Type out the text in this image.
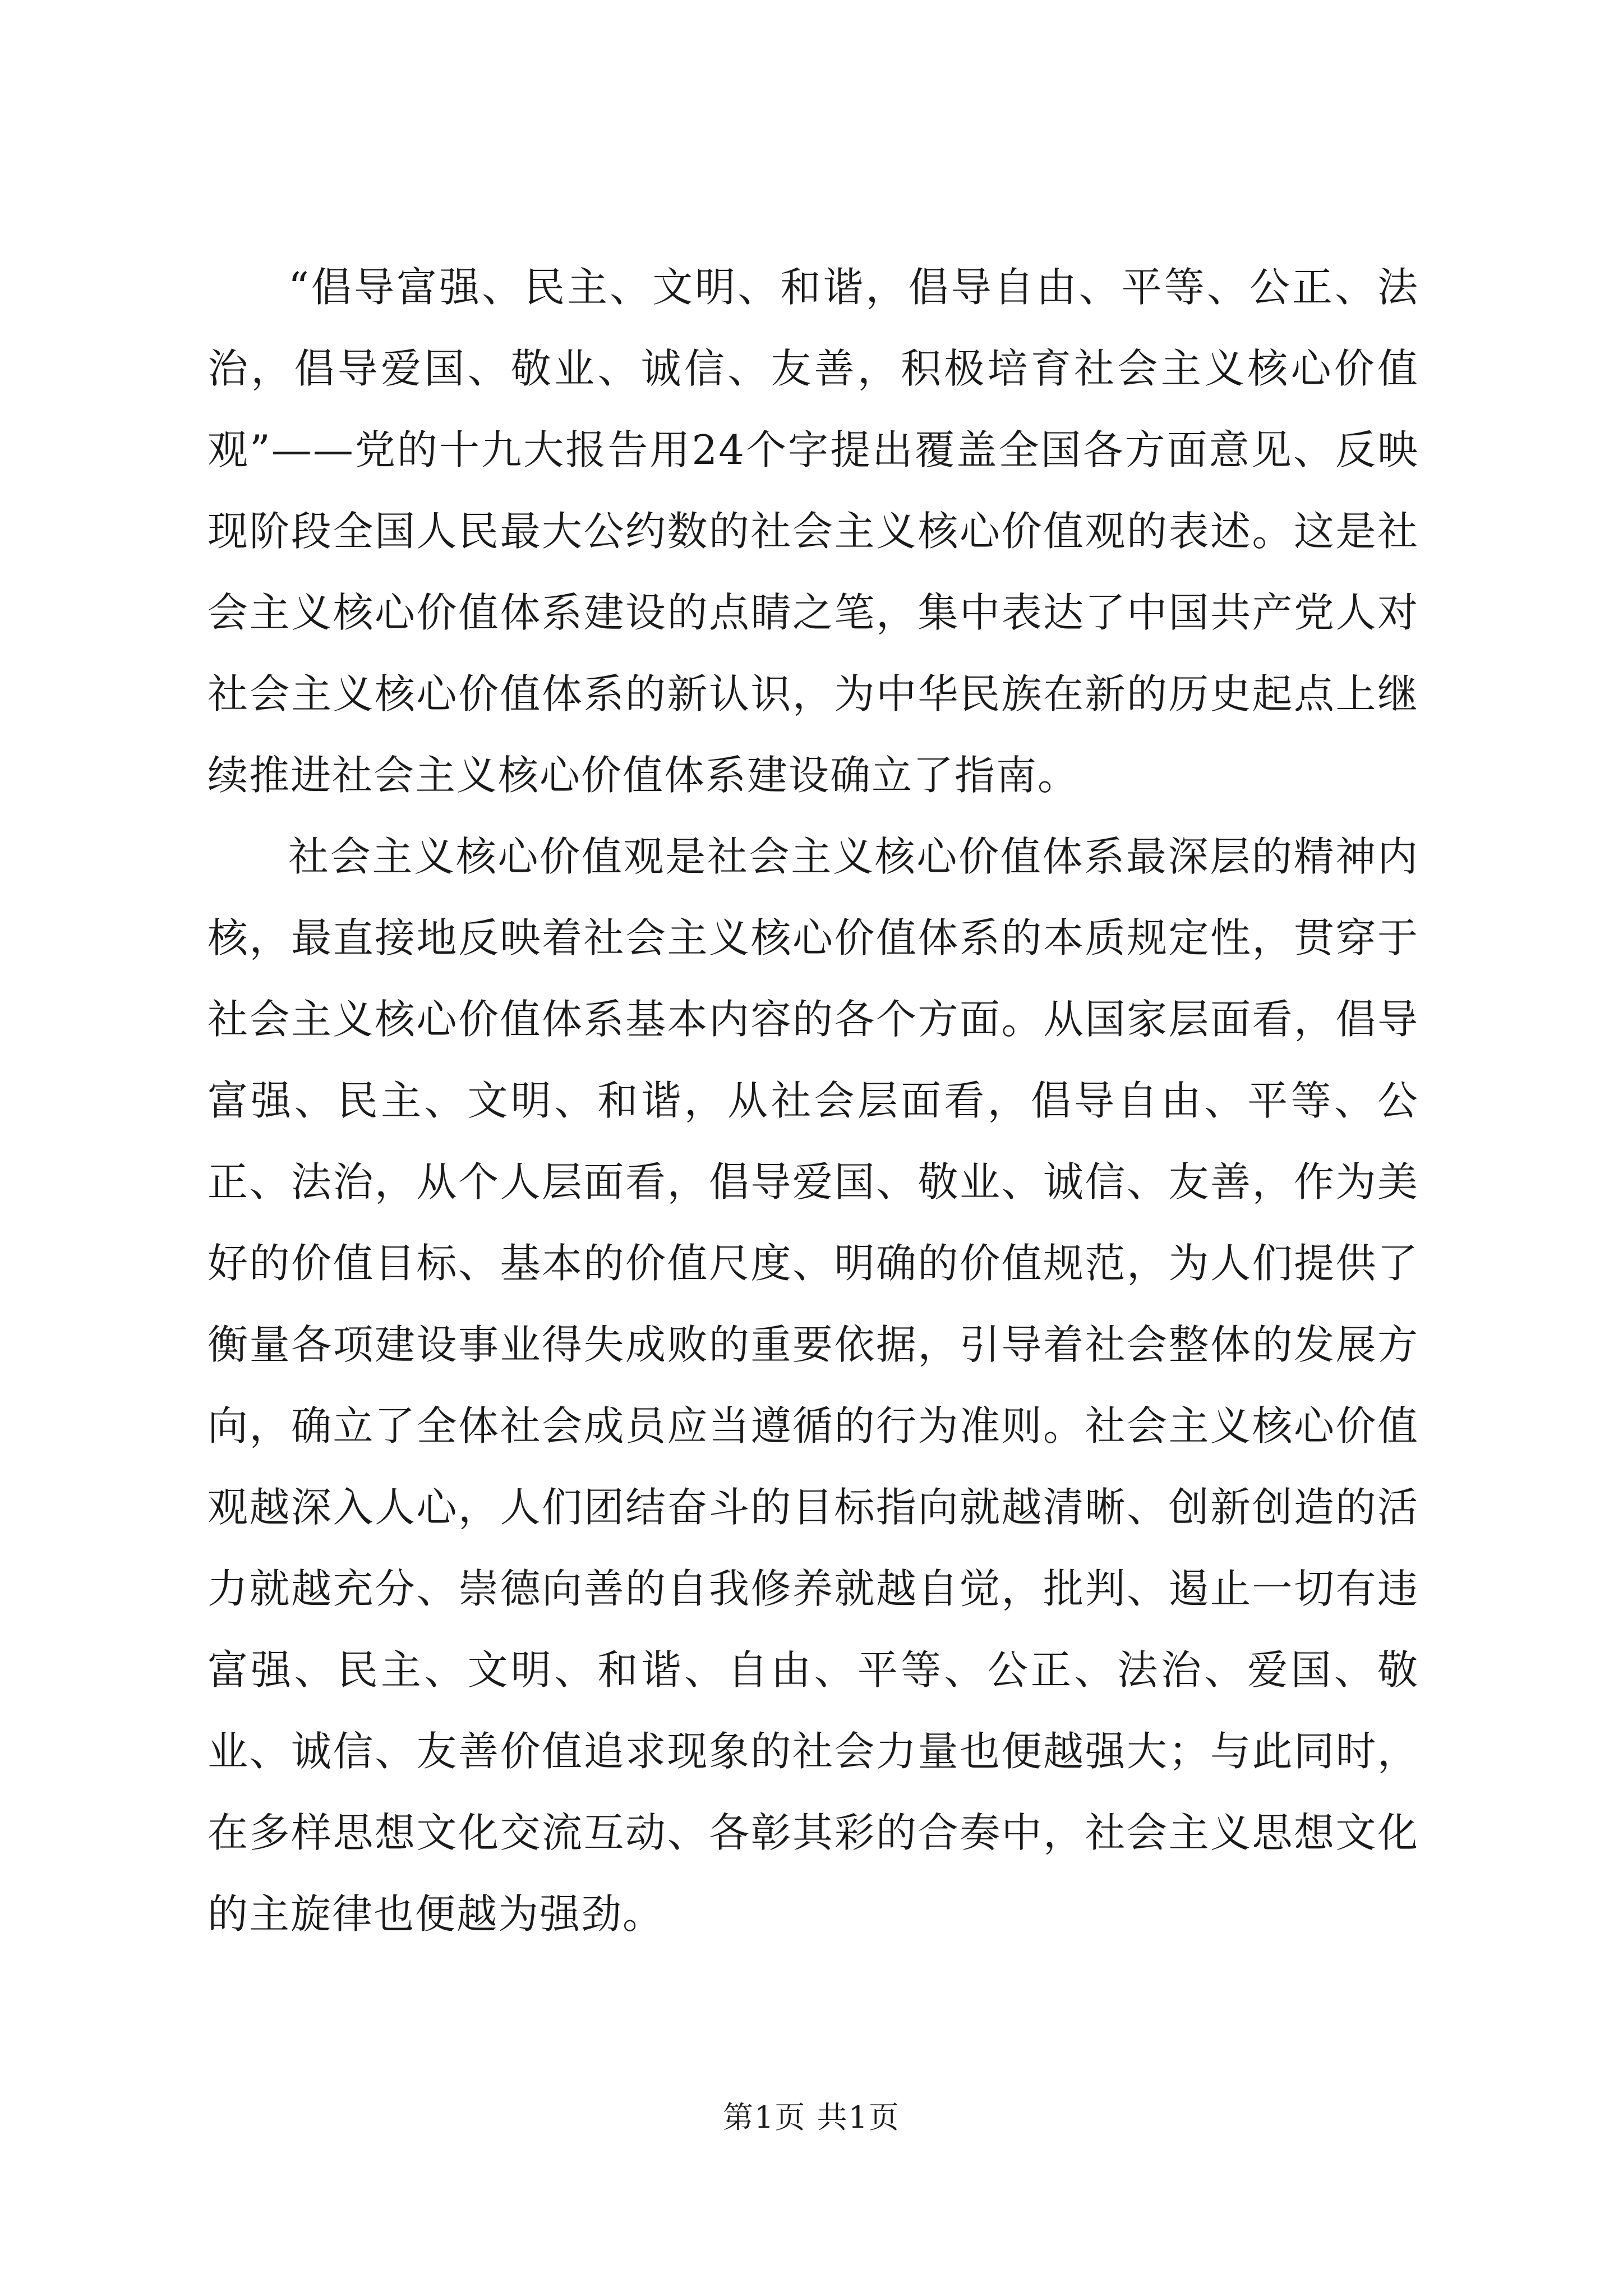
“倡导富强、民主、文明、和谐，倡导自由、平等、公正、法治，倡导爱国、敬业、诚信、友善，积极培育社会主义核心价值观”——党的十九大报告用24个字提出覆盖全国各方面意见、反映现阶段全国人民最大公约数的社会主义核心价值观的表述。这是社会主义核心价值体系建设的点睛之笔，集中表达了中国共产党人对社会主义核心价值体系的新认识，为中华民族在新的历史起点上继续推进社会主义核心价值体系建设确立了指南。

社会主义核心价值观是社会主义核心价值体系最深层的精神内核，最直接地反映着社会主义核心价值体系的本质规定性，贯穿于社会主义核心价值体系基本内容的各个方面。从国家层面看，倡导富强、民主、文明、和谐，从社会层面看，倡导自由、平等、公正、法治，从个人层面看，倡导爱国、敬业、诚信、友善，作为美好的价值目标、基本的价值尺度、明确的价值规范，为人们提供了衡量各项建设事业得失成败的重要依据，引导着社会整体的发展方向，确立了全体社会成员应当遵循的行为准则。社会主义核心价值观越深入人心，人们团结奋斗的目标指向就越清晰、创新创造的活力就越充分、崇德向善的自我修养就越自觉，批判、遏止一切有违富强、民主、文明、和谐、自由、平等、公正、法治、爱国、敬业、诚信、友善价值追求现象的社会力量也便越强大；与此同时，在多样思想文化交流互动、各彰其彩的合奏中，社会主义思想文化的主旋律也便越为强劲。

第1页 共1页
